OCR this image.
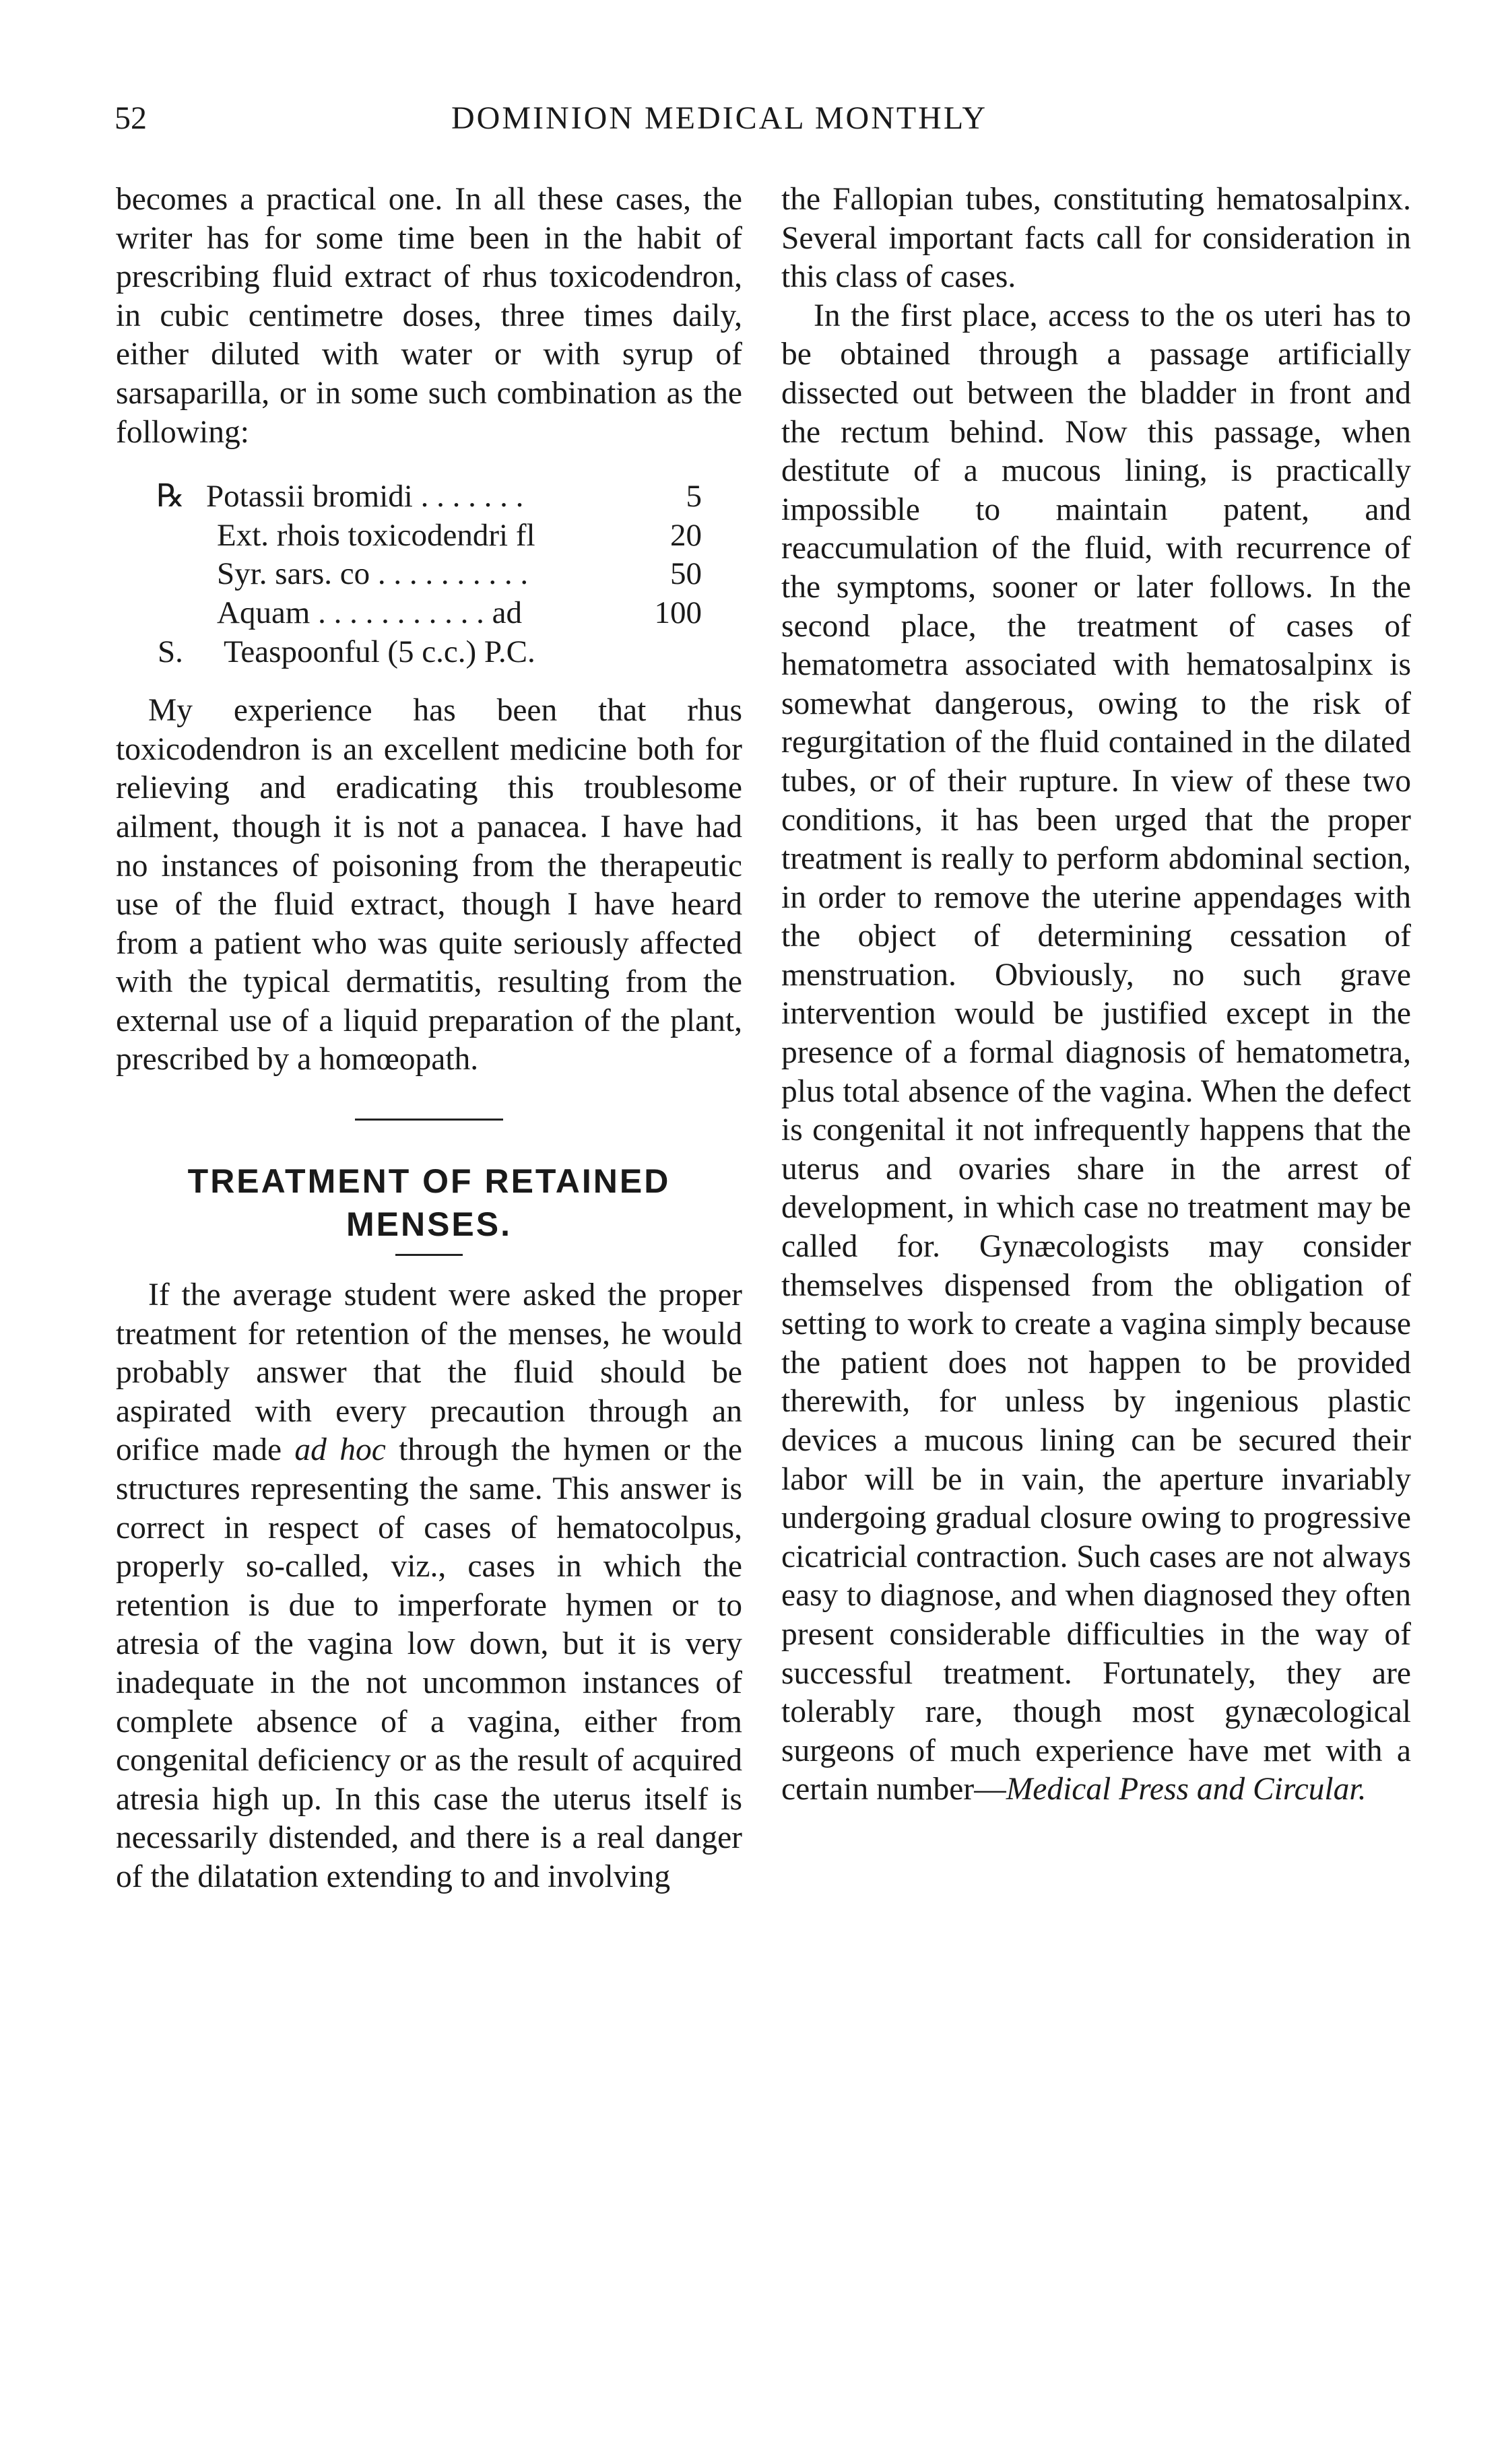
52	DOMINION MEDICAL MONTHLY

becomes a practical one. In all these cases, the writer has for some time been in the habit of prescribing fluid extract of rhus toxicodendron, in cubic centimetre doses, three times daily, either diluted with water or with syrup of sarsaparilla, or in some such combination as the following:

℞ Potassii bromidi . . . . . . .	5
Ext. rhois toxicodendri fl	20
Syr. sars. co . . . . . . . . . .	50
Aquam . . . . . . . . . . . ad	100
S. Teaspoonful (5 c.c.) P.C.

My experience has been that rhus toxicodendron is an excellent medicine both for relieving and eradicating this troublesome ailment, though it is not a panacea. I have had no instances of poisoning from the therapeutic use of the fluid extract, though I have heard from a patient who was quite seriously affected with the typical dermatitis, resulting from the external use of a liquid preparation of the plant, prescribed by a homœopath.

TREATMENT OF RETAINED
MENSES.

If the average student were asked the proper treatment for retention of the menses, he would probably answer that the fluid should be aspirated with every precaution through an orifice made ad hoc through the hymen or the structures representing the same. This answer is correct in respect of cases of hematocolpus, properly so-called, viz., cases in which the retention is due to imperforate hymen or to atresia of the vagina low down, but it is very inadequate in the not uncommon instances of complete absence of a vagina, either from congenital deficiency or as the result of acquired atresia high up. In this case the uterus itself is necessarily distended, and there is a real danger of the dilatation extending to and involving

the Fallopian tubes, constituting hematosalpinx. Several important facts call for consideration in this class of cases.

In the first place, access to the os uteri has to be obtained through a passage artificially dissected out between the bladder in front and the rectum behind. Now this passage, when destitute of a mucous lining, is practically impossible to maintain patent, and reaccumulation of the fluid, with recurrence of the symptoms, sooner or later follows. In the second place, the treatment of cases of hematometra associated with hematosalpinx is somewhat dangerous, owing to the risk of regurgitation of the fluid contained in the dilated tubes, or of their rupture. In view of these two conditions, it has been urged that the proper treatment is really to perform abdominal section, in order to remove the uterine appendages with the object of determining cessation of menstruation. Obviously, no such grave intervention would be justified except in the presence of a formal diagnosis of hematometra, plus total absence of the vagina. When the defect is congenital it not infrequently happens that the uterus and ovaries share in the arrest of development, in which case no treatment may be called for. Gynæcologists may consider themselves dispensed from the obligation of setting to work to create a vagina simply because the patient does not happen to be provided therewith, for unless by ingenious plastic devices a mucous lining can be secured their labor will be in vain, the aperture invariably undergoing gradual closure owing to progressive cicatricial contraction. Such cases are not always easy to diagnose, and when diagnosed they often present considerable difficulties in the way of successful treatment. Fortunately, they are tolerably rare, though most gynæcological surgeons of much experience have met with a certain number—Medical Press and Circular.
